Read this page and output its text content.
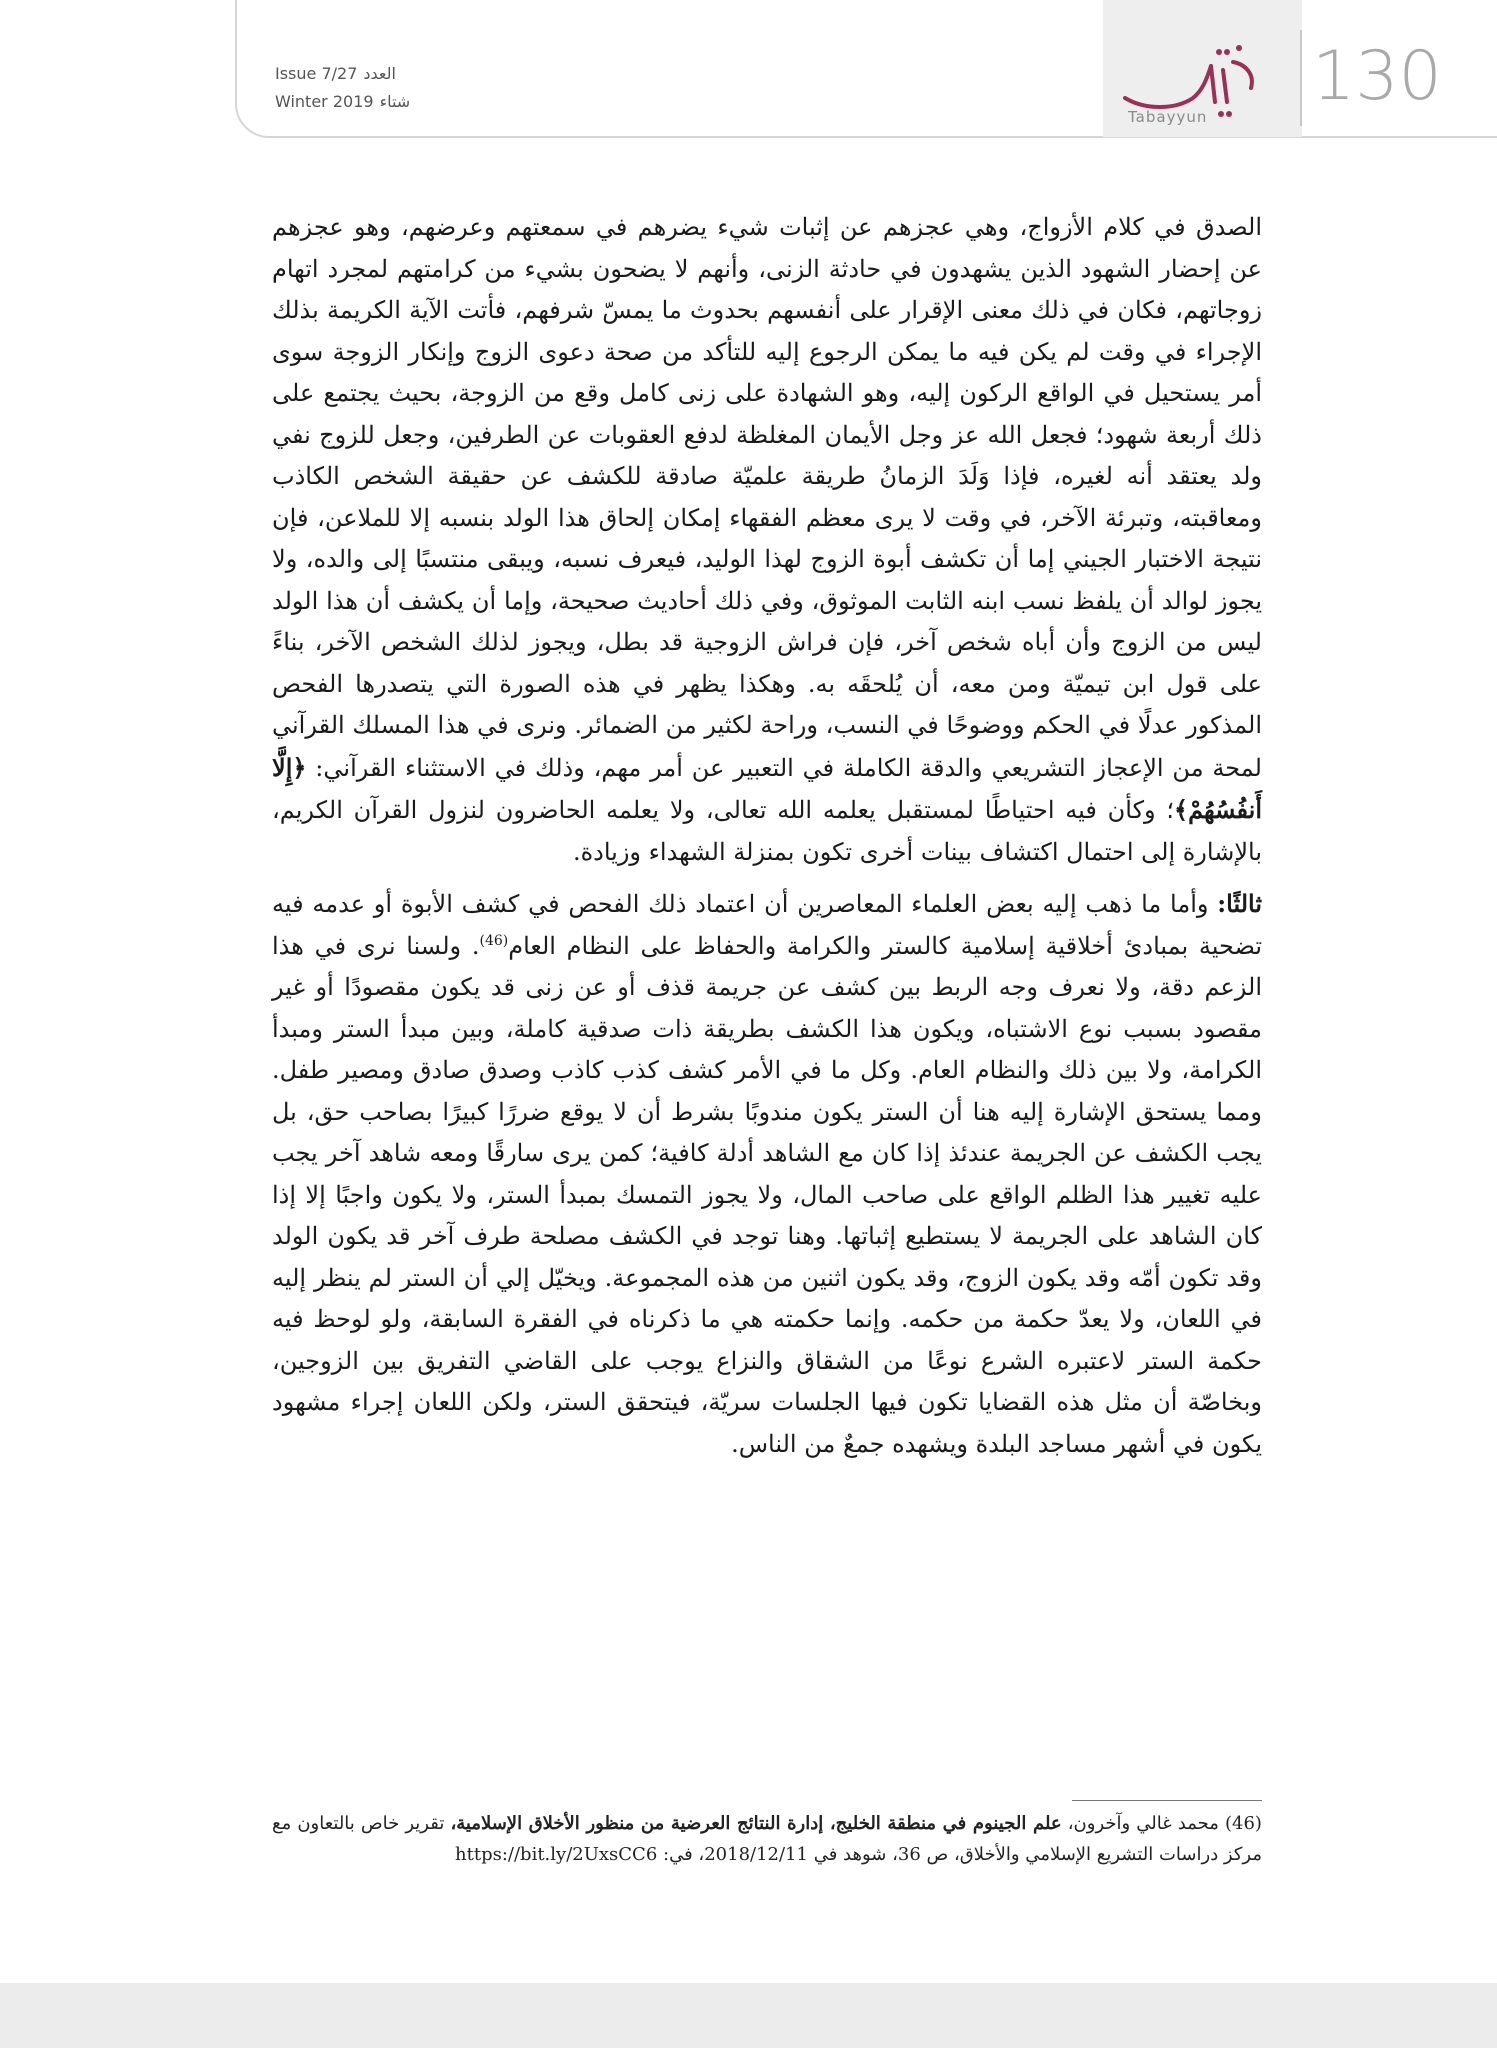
Issue 7/27 العدد
Winter 2019 شتاء
Tabayyun
130

الصدق في كلام الأزواج، وهي عجزهم عن إثبات شيء يضرهم في سمعتهم وعرضهم، وهو عجزهم عن إحضار الشهود الذين يشهدون في حادثة الزنى، وأنهم لا يضحون بشيء من كرامتهم لمجرد اتهام زوجاتهم، فكان في ذلك معنى الإقرار على أنفسهم بحدوث ما يمسّ شرفهم، فأتت الآية الكريمة بذلك الإجراء في وقت لم يكن فيه ما يمكن الرجوع إليه للتأكد من صحة دعوى الزوج وإنكار الزوجة سوى أمر يستحيل في الواقع الركون إليه، وهو الشهادة على زنى كامل وقع من الزوجة، بحيث يجتمع على ذلك أربعة شهود؛ فجعل الله عز وجل الأيمان المغلظة لدفع العقوبات عن الطرفين، وجعل للزوج نفي ولد يعتقد أنه لغيره، فإذا وَلَدَ الزمانُ طريقة علميّة صادقة للكشف عن حقيقة الشخص الكاذب ومعاقبته، وتبرئة الآخر، في وقت لا يرى معظم الفقهاء إمكان إلحاق هذا الولد بنسبه إلا للملاعن، فإن نتيجة الاختبار الجيني إما أن تكشف أبوة الزوج لهذا الوليد، فيعرف نسبه، ويبقى منتسبًا إلى والده، ولا يجوز لوالد أن يلفظ نسب ابنه الثابت الموثوق، وفي ذلك أحاديث صحيحة، وإما أن يكشف أن هذا الولد ليس من الزوج وأن أباه شخص آخر، فإن فراش الزوجية قد بطل، ويجوز لذلك الشخص الآخر، بناءً على قول ابن تيميّة ومن معه، أن يُلحقَه به. وهكذا يظهر في هذه الصورة التي يتصدرها الفحص المذكور عدلًا في الحكم ووضوحًا في النسب، وراحة لكثير من الضمائر. ونرى في هذا المسلك القرآني لمحة من الإعجاز التشريعي والدقة الكاملة في التعبير عن أمر مهم، وذلك في الاستثناء القرآني: ﴿إِلَّا أَنفُسُهُمْ﴾؛ وكأن فيه احتياطًا لمستقبل يعلمه الله تعالى، ولا يعلمه الحاضرون لنزول القرآن الكريم، بالإشارة إلى احتمال اكتشاف بينات أخرى تكون بمنزلة الشهداء وزيادة.

ثالثًا: وأما ما ذهب إليه بعض العلماء المعاصرين أن اعتماد ذلك الفحص في كشف الأبوة أو عدمه فيه تضحية بمبادئ أخلاقية إسلامية كالستر والكرامة والحفاظ على النظام العام$^{(46)}$. ولسنا نرى في هذا الزعم دقة، ولا نعرف وجه الربط بين كشف عن جريمة قذف أو عن زنى قد يكون مقصودًا أو غير مقصود بسبب نوع الاشتباه، ويكون هذا الكشف بطريقة ذات صدقية كاملة، وبين مبدأ الستر ومبدأ الكرامة، ولا بين ذلك والنظام العام. وكل ما في الأمر كشف كذب كاذب وصدق صادق ومصير طفل. ومما يستحق الإشارة إليه هنا أن الستر يكون مندوبًا بشرط أن لا يوقع ضررًا كبيرًا بصاحب حق، بل يجب الكشف عن الجريمة عندئذ إذا كان مع الشاهد أدلة كافية؛ كمن يرى سارقًا ومعه شاهد آخر يجب عليه تغيير هذا الظلم الواقع على صاحب المال، ولا يجوز التمسك بمبدأ الستر، ولا يكون واجبًا إلا إذا كان الشاهد على الجريمة لا يستطيع إثباتها. وهنا توجد في الكشف مصلحة طرف آخر قد يكون الولد وقد تكون أمّه وقد يكون الزوج، وقد يكون اثنين من هذه المجموعة. ويخيّل إلي أن الستر لم ينظر إليه في اللعان، ولا يعدّ حكمة من حكمه. وإنما حكمته هي ما ذكرناه في الفقرة السابقة، ولو لوحظ فيه حكمة الستر لاعتبره الشرع نوعًا من الشقاق والنزاع يوجب على القاضي التفريق بين الزوجين، وبخاصّة أن مثل هذه القضايا تكون فيها الجلسات سريّة، فيتحقق الستر، ولكن اللعان إجراء مشهود يكون في أشهر مساجد البلدة ويشهده جمعٌ من الناس.

(46) محمد غالي وآخرون، علم الجينوم في منطقة الخليج، إدارة النتائج العرضية من منظور الأخلاق الإسلامية، تقرير خاص بالتعاون مع مركز دراسات التشريع الإسلامي والأخلاق، ص 36، شوهد في 2018/12/11، في: https://bit.ly/2UxsCC6
